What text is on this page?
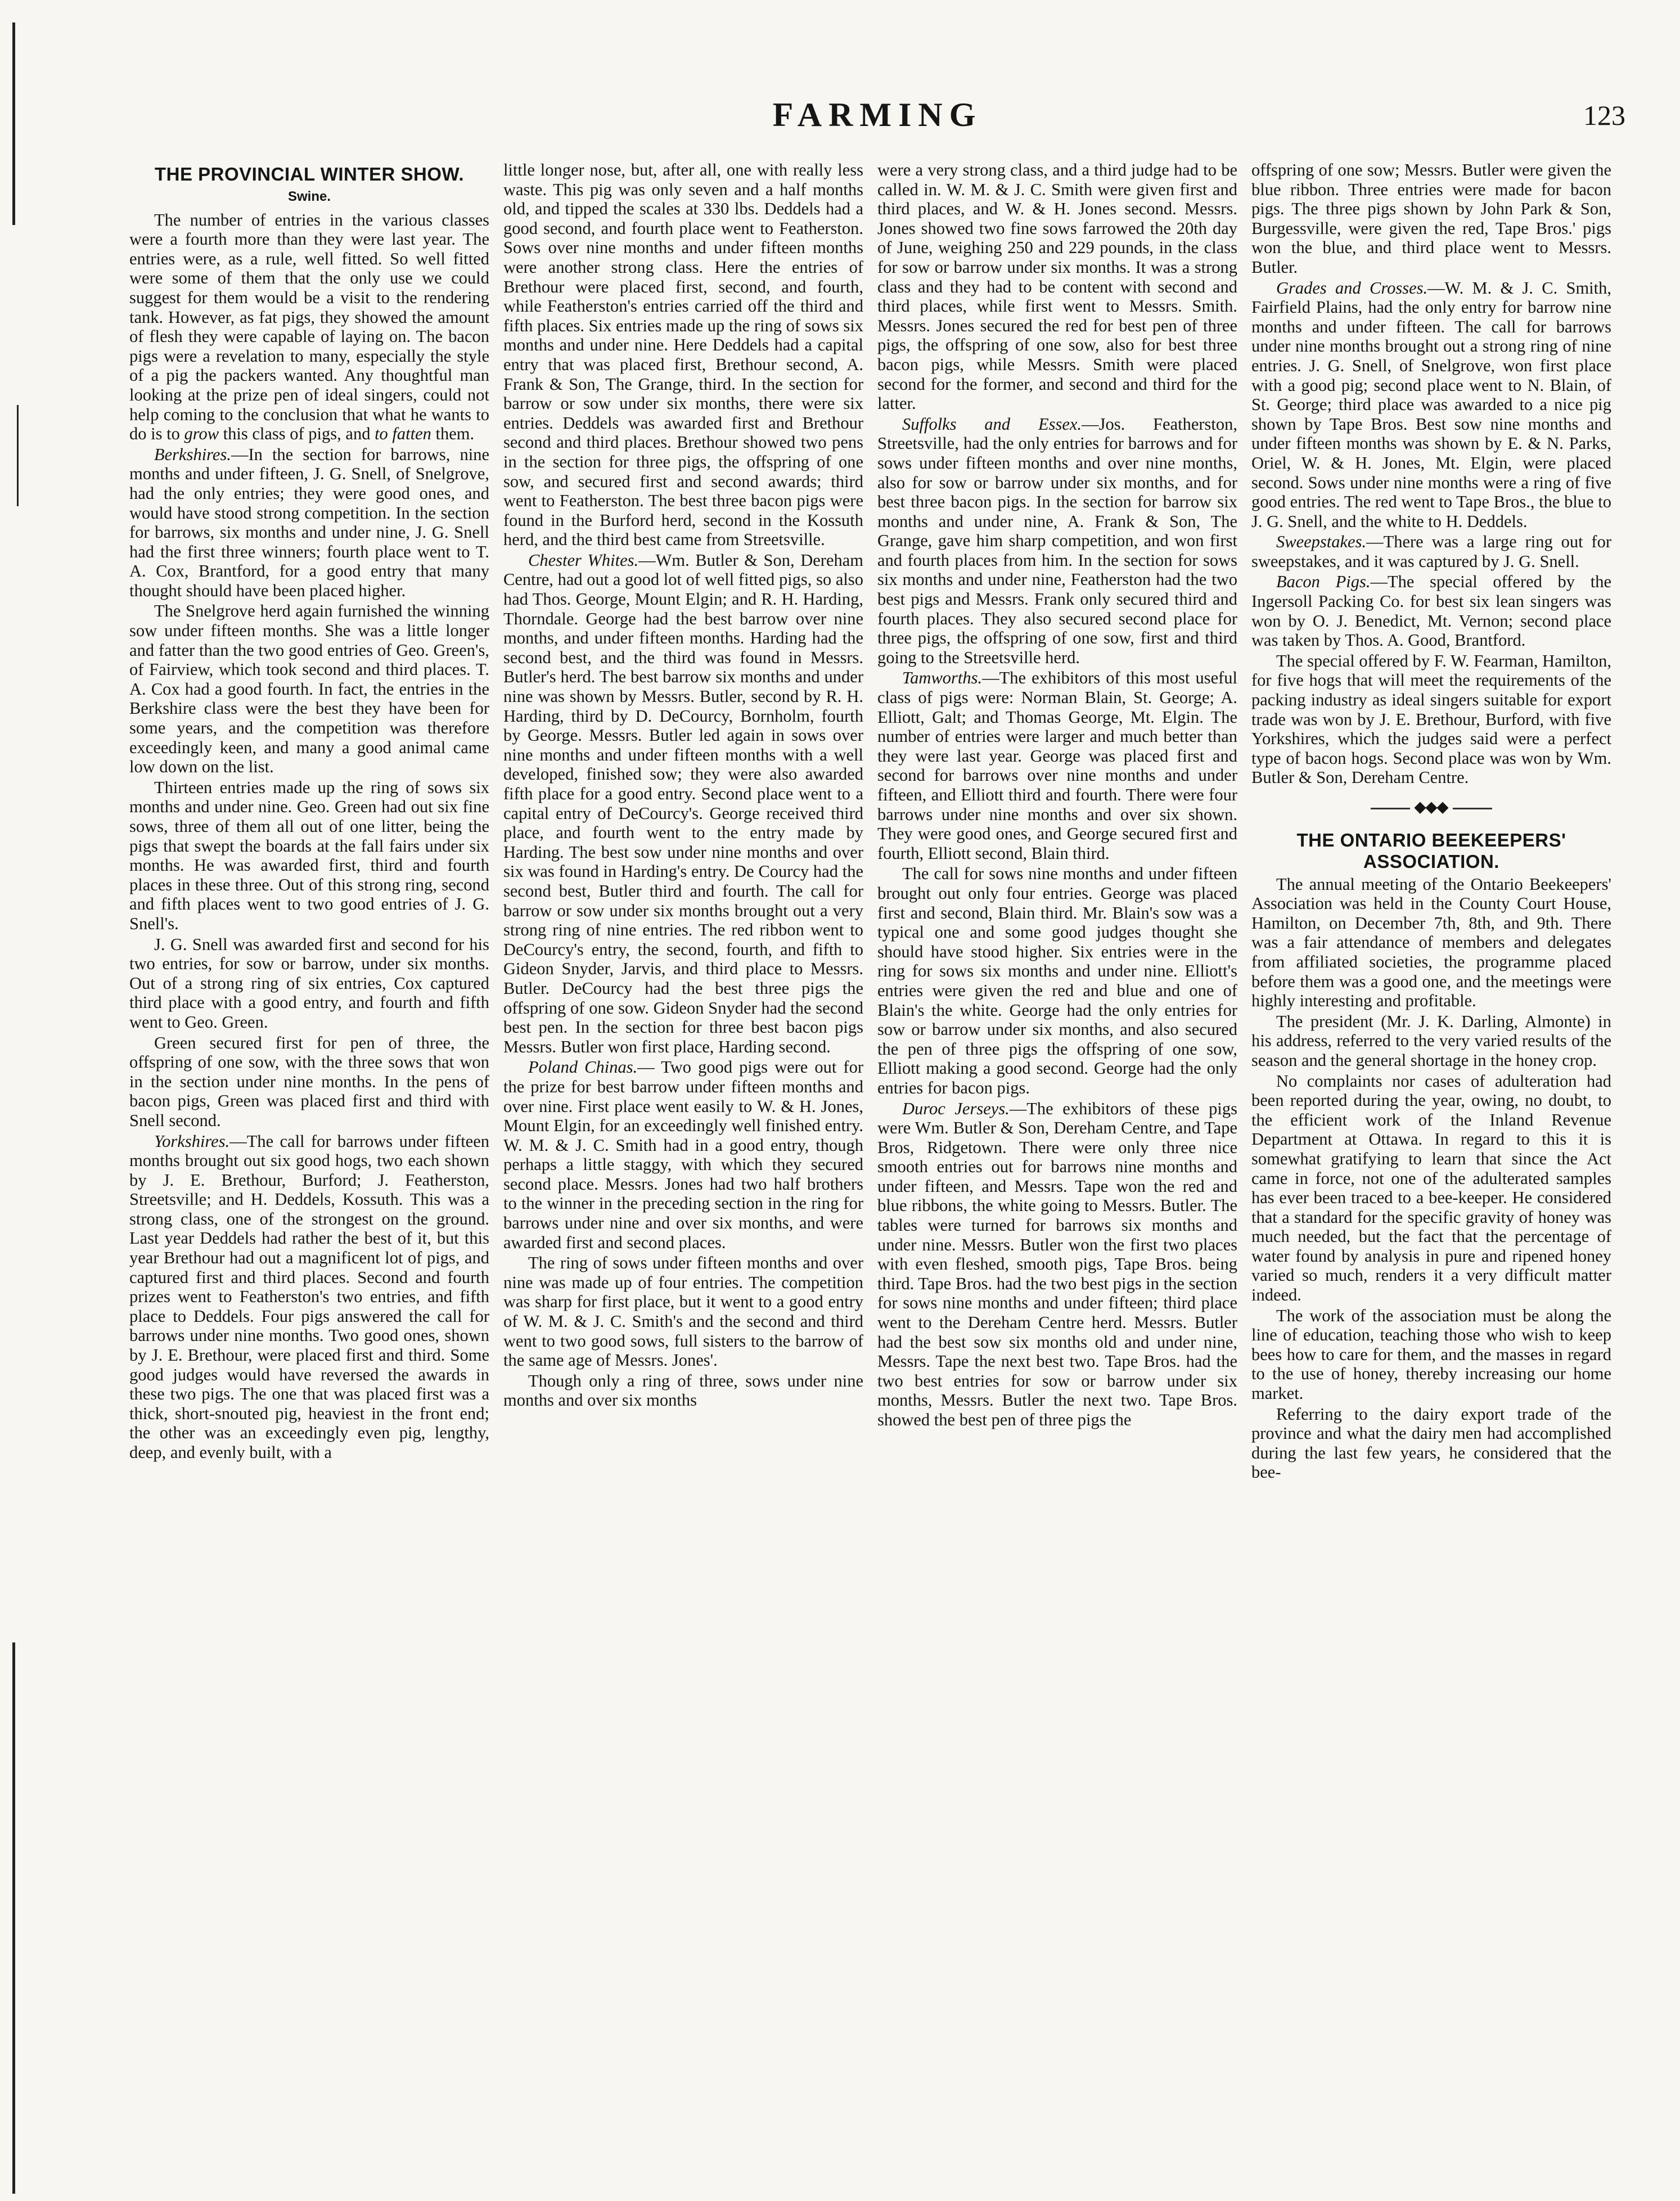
FARMING	123
THE PROVINCIAL WINTER SHOW.
Swine.

The number of entries in the various classes were a fourth more than they were last year. The entries were, as a rule, well fitted. So well fitted were some of them that the only use we could suggest for them would be a visit to the rendering tank. However, as fat pigs, they showed the amount of flesh they were capable of laying on. The bacon pigs were a revelation to many, especially the style of a pig the packers wanted. Any thoughtful man looking at the prize pen of ideal singers, could not help coming to the conclusion that what he wants to do is to grow this class of pigs, and to fatten them.

Berkshires.—In the section for barrows, nine months and under fifteen, J. G. Snell, of Snelgrove, had the only entries; they were good ones, and would have stood strong competition. In the section for barrows, six months and under nine, J. G. Snell had the first three winners; fourth place went to T. A. Cox, Brantford, for a good entry that many thought should have been placed higher.

The Snelgrove herd again furnished the winning sow under fifteen months. She was a little longer and fatter than the two good entries of Geo. Green's, of Fairview, which took second and third places. T. A. Cox had a good fourth. In fact, the entries in the Berkshire class were the best they have been for some years, and the competition was therefore exceedingly keen, and many a good animal came low down on the list.

Thirteen entries made up the ring of sows six months and under nine. Geo. Green had out six fine sows, three of them all out of one litter, being the pigs that swept the boards at the fall fairs under six months. He was awarded first, third and fourth places in these three. Out of this strong ring, second and fifth places went to two good entries of J. G. Snell's.

J. G. Snell was awarded first and second for his two entries, for sow or barrow, under six months. Out of a strong ring of six entries, Cox captured third place with a good entry, and fourth and fifth went to Geo. Green.

Green secured first for pen of three, the offspring of one sow, with the three sows that won in the section under nine months. In the pens of bacon pigs, Green was placed first and third with Snell second.

Yorkshires.—The call for barrows under fifteen months brought out six good hogs, two each shown by J. E. Brethour, Burford; J. Featherston, Streetsville; and H. Deddels, Kossuth. This was a strong class, one of the strongest on the ground. Last year Deddels had rather the best of it, but this year Brethour had out a magnificent lot of pigs, and captured first and third places. Second and fourth prizes went to Featherston's two entries, and fifth place to Deddels. Four pigs answered the call for barrows under nine months. Two good ones, shown by J. E. Brethour, were placed first and third. Some good judges would have reversed the awards in these two pigs. The one that was placed first was a thick, short-snouted pig, heaviest in the front end; the other was an exceedingly even pig, lengthy, deep, and evenly built, with a

little longer nose, but, after all, one with really less waste. This pig was only seven and a half months old, and tipped the scales at 330 lbs. Deddels had a good second, and fourth place went to Featherston. Sows over nine months and under fifteen months were another strong class. Here the entries of Brethour were placed first, second, and fourth, while Featherston's entries carried off the third and fifth places. Six entries made up the ring of sows six months and under nine. Here Deddels had a capital entry that was placed first, Brethour second, A. Frank & Son, The Grange, third. In the section for barrow or sow under six months, there were six entries. Deddels was awarded first and Brethour second and third places. Brethour showed two pens in the section for three pigs, the offspring of one sow, and secured first and second awards; third went to Featherston. The best three bacon pigs were found in the Burford herd, second in the Kossuth herd, and the third best came from Streetsville.

Chester Whites.—Wm. Butler & Son, Dereham Centre, had out a good lot of well fitted pigs, so also had Thos. George, Mount Elgin; and R. H. Harding, Thorndale. George had the best barrow over nine months, and under fifteen months. Harding had the second best, and the third was found in Messrs. Butler's herd. The best barrow six months and under nine was shown by Messrs. Butler, second by R. H. Harding, third by D. DeCourcy, Bornholm, fourth by George. Messrs. Butler led again in sows over nine months and under fifteen months with a well developed, finished sow; they were also awarded fifth place for a good entry. Second place went to a capital entry of DeCourcy's. George received third place, and fourth went to the entry made by Harding. The best sow under nine months and over six was found in Harding's entry. De Courcy had the second best, Butler third and fourth. The call for barrow or sow under six months brought out a very strong ring of nine entries. The red ribbon went to DeCourcy's entry, the second, fourth, and fifth to Gideon Snyder, Jarvis, and third place to Messrs. Butler. DeCourcy had the best three pigs the offspring of one sow. Gideon Snyder had the second best pen. In the section for three best bacon pigs Messrs. Butler won first place, Harding second.

Poland Chinas.— Two good pigs were out for the prize for best barrow under fifteen months and over nine. First place went easily to W. & H. Jones, Mount Elgin, for an exceedingly well finished entry. W. M. & J. C. Smith had in a good entry, though perhaps a little staggy, with which they secured second place. Messrs. Jones had two half brothers to the winner in the preceding section in the ring for barrows under nine and over six months, and were awarded first and second places.

The ring of sows under fifteen months and over nine was made up of four entries. The competition was sharp for first place, but it went to a good entry of W. M. & J. C. Smith's and the second and third went to two good sows, full sisters to the barrow of the same age of Messrs. Jones'.

Though only a ring of three, sows under nine months and over six months

were a very strong class, and a third judge had to be called in. W. M. & J. C. Smith were given first and third places, and W. & H. Jones second. Messrs. Jones showed two fine sows farrowed the 20th day of June, weighing 250 and 229 pounds, in the class for sow or barrow under six months. It was a strong class and they had to be content with second and third places, while first went to Messrs. Smith. Messrs. Jones secured the red for best pen of three pigs, the offspring of one sow, also for best three bacon pigs, while Messrs. Smith were placed second for the former, and second and third for the latter.

Suffolks and Essex.—Jos. Featherston, Streetsville, had the only entries for barrows and for sows under fifteen months and over nine months, also for sow or barrow under six months, and for best three bacon pigs. In the section for barrow six months and under nine, A. Frank & Son, The Grange, gave him sharp competition, and won first and fourth places from him. In the section for sows six months and under nine, Featherston had the two best pigs and Messrs. Frank only secured third and fourth places. They also secured second place for three pigs, the offspring of one sow, first and third going to the Streetsville herd.

Tamworths.—The exhibitors of this most useful class of pigs were: Norman Blain, St. George; A. Elliott, Galt; and Thomas George, Mt. Elgin. The number of entries were larger and much better than they were last year. George was placed first and second for barrows over nine months and under fifteen, and Elliott third and fourth. There were four barrows under nine months and over six shown. They were good ones, and George secured first and fourth, Elliott second, Blain third.

The call for sows nine months and under fifteen brought out only four entries. George was placed first and second, Blain third. Mr. Blain's sow was a typical one and some good judges thought she should have stood higher. Six entries were in the ring for sows six months and under nine. Elliott's entries were given the red and blue and one of Blain's the white. George had the only entries for sow or barrow under six months, and also secured the pen of three pigs the offspring of one sow, Elliott making a good second. George had the only entries for bacon pigs.

Duroc Jerseys.—The exhibitors of these pigs were Wm. Butler & Son, Dereham Centre, and Tape Bros, Ridgetown. There were only three nice smooth entries out for barrows nine months and under fifteen, and Messrs. Tape won the red and blue ribbons, the white going to Messrs. Butler. The tables were turned for barrows six months and under nine. Messrs. Butler won the first two places with even fleshed, smooth pigs, Tape Bros. being third. Tape Bros. had the two best pigs in the section for sows nine months and under fifteen; third place went to the Dereham Centre herd. Messrs. Butler had the best sow six months old and under nine, Messrs. Tape the next best two. Tape Bros. had the two best entries for sow or barrow under six months, Messrs. Butler the next two. Tape Bros. showed the best pen of three pigs the

offspring of one sow; Messrs. Butler were given the blue ribbon. Three entries were made for bacon pigs. The three pigs shown by John Park & Son, Burgessville, were given the red, Tape Bros.' pigs won the blue, and third place went to Messrs. Butler.

Grades and Crosses.—W. M. & J. C. Smith, Fairfield Plains, had the only entry for barrow nine months and under fifteen. The call for barrows under nine months brought out a strong ring of nine entries. J. G. Snell, of Snelgrove, won first place with a good pig; second place went to N. Blain, of St. George; third place was awarded to a nice pig shown by Tape Bros. Best sow nine months and under fifteen months was shown by E. & N. Parks, Oriel, W. & H. Jones, Mt. Elgin, were placed second. Sows under nine months were a ring of five good entries. The red went to Tape Bros., the blue to J. G. Snell, and the white to H. Deddels.

Sweepstakes.—There was a large ring out for sweepstakes, and it was captured by J. G. Snell.

Bacon Pigs.—The special offered by the Ingersoll Packing Co. for best six lean singers was won by O. J. Benedict, Mt. Vernon; second place was taken by Thos. A. Good, Brantford.

The special offered by F. W. Fearman, Hamilton, for five hogs that will meet the requirements of the packing industry as ideal singers suitable for export trade was won by J. E. Brethour, Burford, with five Yorkshires, which the judges said were a perfect type of bacon hogs. Second place was won by Wm. Butler & Son, Dereham Centre.

◆◆◆
THE ONTARIO BEEKEEPERS' ASSOCIATION.

The annual meeting of the Ontario Beekeepers' Association was held in the County Court House, Hamilton, on December 7th, 8th, and 9th. There was a fair attendance of members and delegates from affiliated societies, the programme placed before them was a good one, and the meetings were highly interesting and profitable.

The president (Mr. J. K. Darling, Almonte) in his address, referred to the very varied results of the season and the general shortage in the honey crop.

No complaints nor cases of adulteration had been reported during the year, owing, no doubt, to the efficient work of the Inland Revenue Department at Ottawa. In regard to this it is somewhat gratifying to learn that since the Act came in force, not one of the adulterated samples has ever been traced to a bee-keeper. He considered that a standard for the specific gravity of honey was much needed, but the fact that the percentage of water found by analysis in pure and ripened honey varied so much, renders it a very difficult matter indeed.

The work of the association must be along the line of education, teaching those who wish to keep bees how to care for them, and the masses in regard to the use of honey, thereby increasing our home market.

Referring to the dairy export trade of the province and what the dairy men had accomplished during the last few years, he considered that the bee-
